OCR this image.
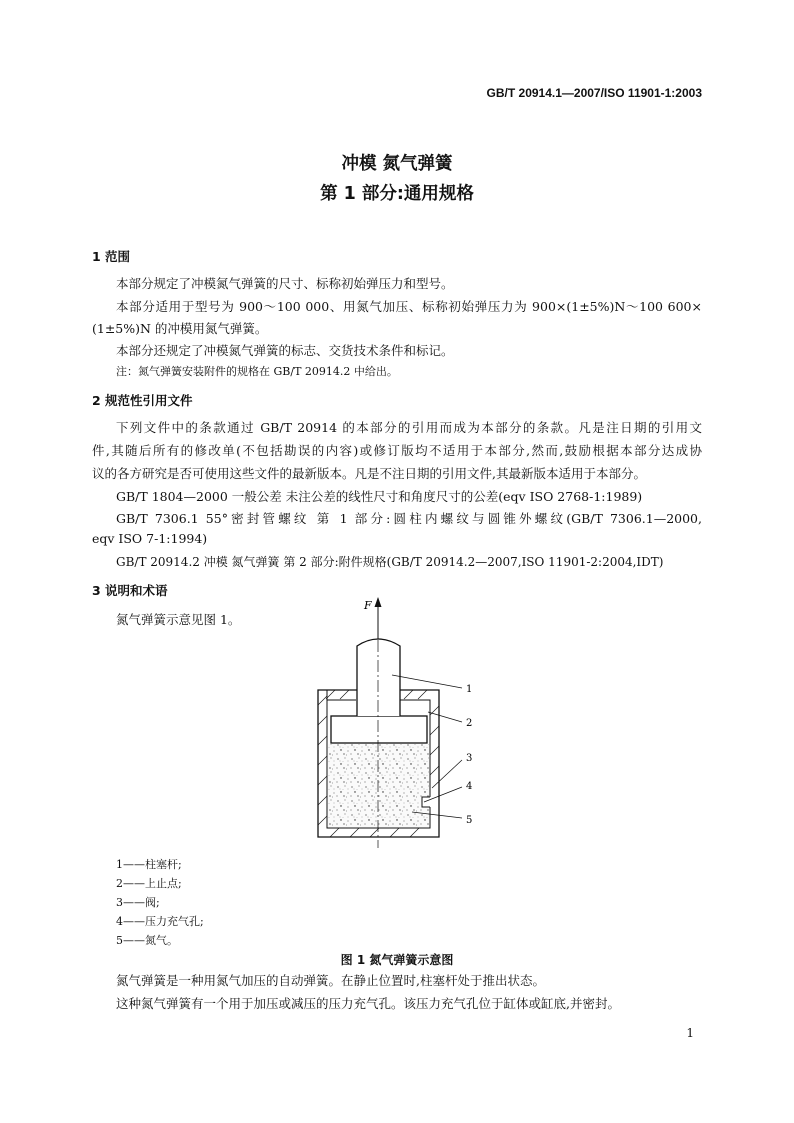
GB/T 20914.1—2007/ISO 11901-1:2003
冲模 氮气弹簧
第 1 部分:通用规格
1 范围
本部分规定了冲模氮气弹簧的尺寸、标称初始弹压力和型号。
本部分适用于型号为 900～100 000、用氮气加压、标称初始弹压力为 900×(1±5%)N～100 600×
(1±5%)N 的冲模用氮气弹簧。
本部分还规定了冲模氮气弹簧的标志、交货技术条件和标记。
注：氮气弹簧安装附件的规格在 GB/T 20914.2 中给出。
2 规范性引用文件
下列文件中的条款通过 GB/T 20914 的本部分的引用而成为本部分的条款。凡是注日期的引用文
件,其随后所有的修改单(不包括勘误的内容)或修订版均不适用于本部分,然而,鼓励根据本部分达成协
议的各方研究是否可使用这些文件的最新版本。凡是不注日期的引用文件,其最新版本适用于本部分。
GB/T 1804—2000 一般公差 未注公差的线性尺寸和角度尺寸的公差(eqv ISO 2768-1:1989)
GB/T 7306.1 55°密封管螺纹 第 1 部分:圆柱内螺纹与圆锥外螺纹(GB/T 7306.1—2000,
eqv ISO 7-1:1994)
GB/T 20914.2 冲模 氮气弹簧 第 2 部分:附件规格(GB/T 20914.2—2007,ISO 11901-2:2004,IDT)
3 说明和术语
氮气弹簧示意见图 1。
F
1
2
3
4
5
1——柱塞杆;
2——上止点;
3——阀;
4——压力充气孔;
5——氮气。
图 1 氮气弹簧示意图
氮气弹簧是一种用氮气加压的自动弹簧。在静止位置时,柱塞杆处于推出状态。
这种氮气弹簧有一个用于加压或减压的压力充气孔。该压力充气孔位于缸体或缸底,并密封。
1
